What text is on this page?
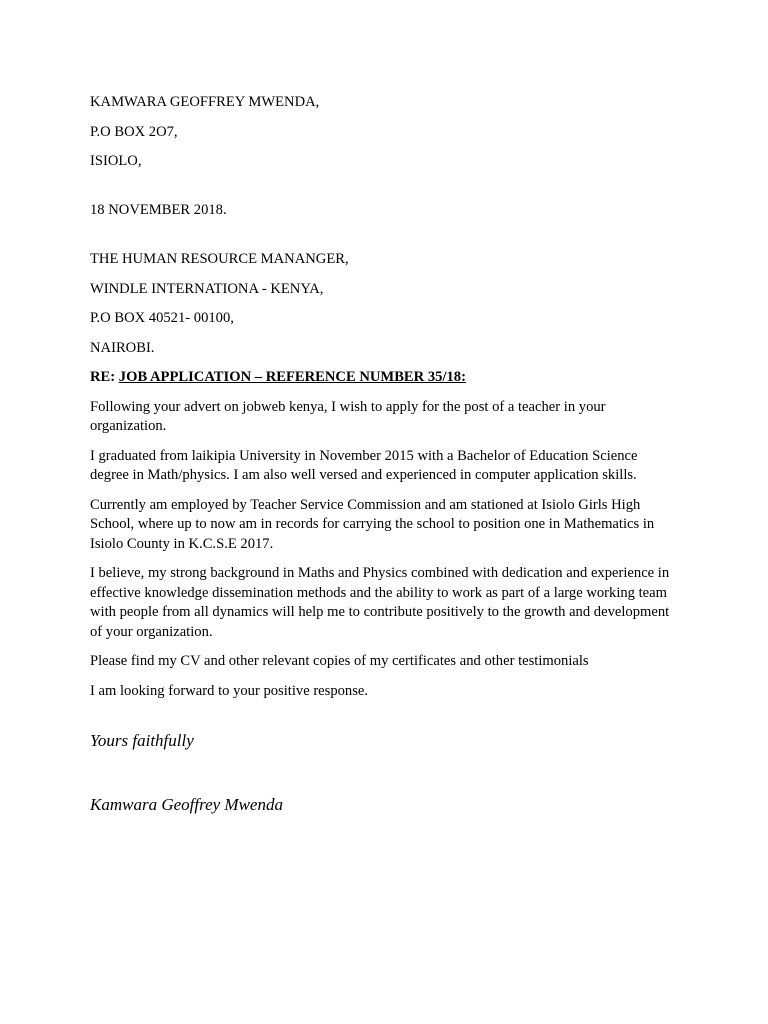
KAMWARA GEOFFREY MWENDA,

P.O BOX 2O7,

ISIOLO,

18 NOVEMBER 2018.

THE HUMAN RESOURCE MANANGER,

WINDLE INTERNATIONA - KENYA,

P.O BOX 40521- 00100,

NAIROBI.

RE: JOB APPLICATION – REFERENCE NUMBER 35/18:

Following your advert on jobweb kenya, I wish to apply for the post of a teacher in your organization.

I graduated from laikipia University in November 2015 with a Bachelor of Education Science degree in Math/physics. I am also well versed and experienced in computer application skills.

Currently am employed by Teacher Service Commission and am stationed at Isiolo Girls High School, where up to now am in records for carrying the school to position one in Mathematics in Isiolo County in K.C.S.E 2017.

I believe, my strong background in Maths and Physics combined with dedication and experience in effective knowledge dissemination methods and the ability to work as part of a large working team with people from all dynamics will help me to contribute positively to the growth and development of your organization.

Please find my CV and other relevant copies of my certificates and other testimonials

I am looking forward to your positive response.

Yours faithfully

Kamwara Geoffrey Mwenda
